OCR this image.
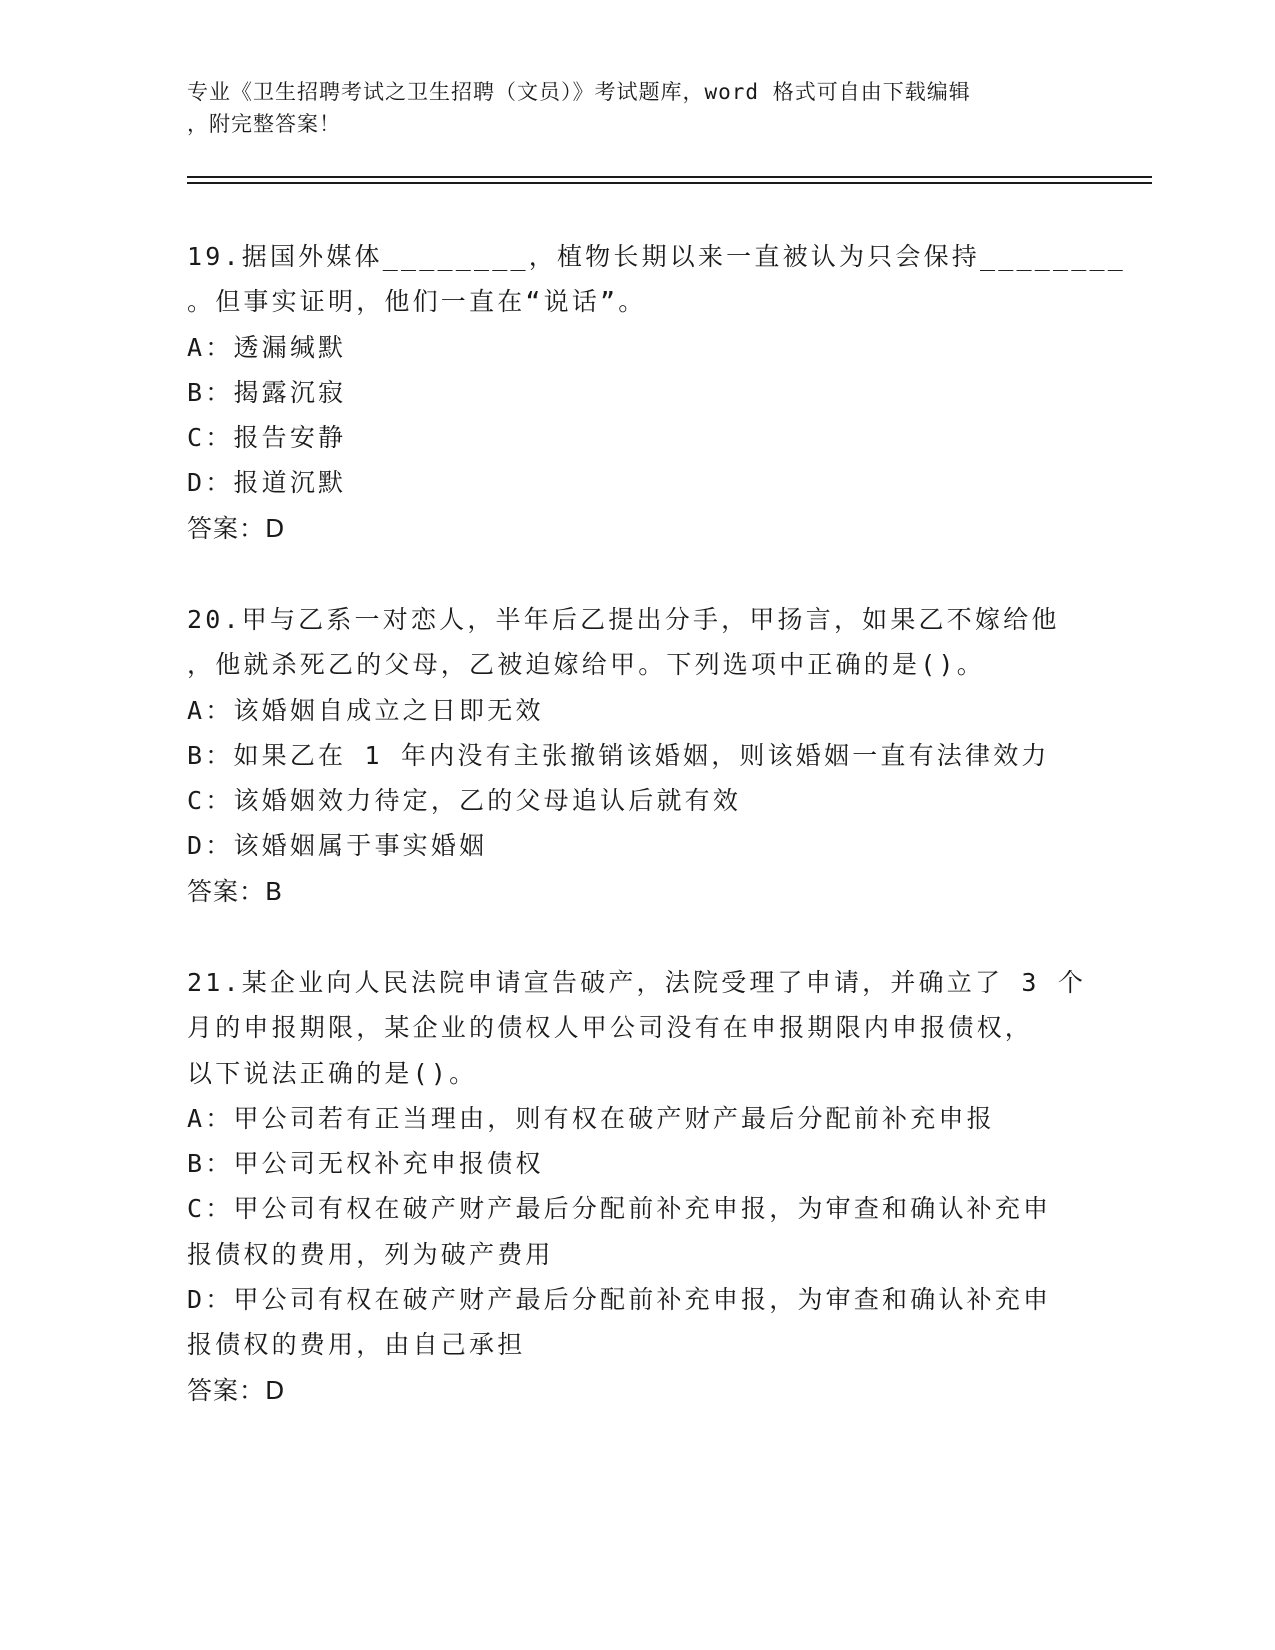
专业《卫生招聘考试之卫生招聘（文员）》考试题库，word 格式可自由下载编辑
，附完整答案！
19.据国外媒体________，植物长期以来一直被认为只会保持________
。但事实证明，他们一直在“说话”。
A：透漏缄默
B：揭露沉寂
C：报告安静
D：报道沉默
答案：D
20.甲与乙系一对恋人，半年后乙提出分手，甲扬言，如果乙不嫁给他
，他就杀死乙的父母，乙被迫嫁给甲。下列选项中正确的是()。
A：该婚姻自成立之日即无效
B：如果乙在 1 年内没有主张撤销该婚姻，则该婚姻一直有法律效力
C：该婚姻效力待定，乙的父母追认后就有效
D：该婚姻属于事实婚姻
答案：B
21.某企业向人民法院申请宣告破产，法院受理了申请，并确立了 3 个
月的申报期限，某企业的债权人甲公司没有在申报期限内申报债权，
以下说法正确的是()。
A：甲公司若有正当理由，则有权在破产财产最后分配前补充申报
B：甲公司无权补充申报债权
C：甲公司有权在破产财产最后分配前补充申报，为审查和确认补充申
报债权的费用，列为破产费用
D：甲公司有权在破产财产最后分配前补充申报，为审查和确认补充申
报债权的费用，由自己承担
答案：D
